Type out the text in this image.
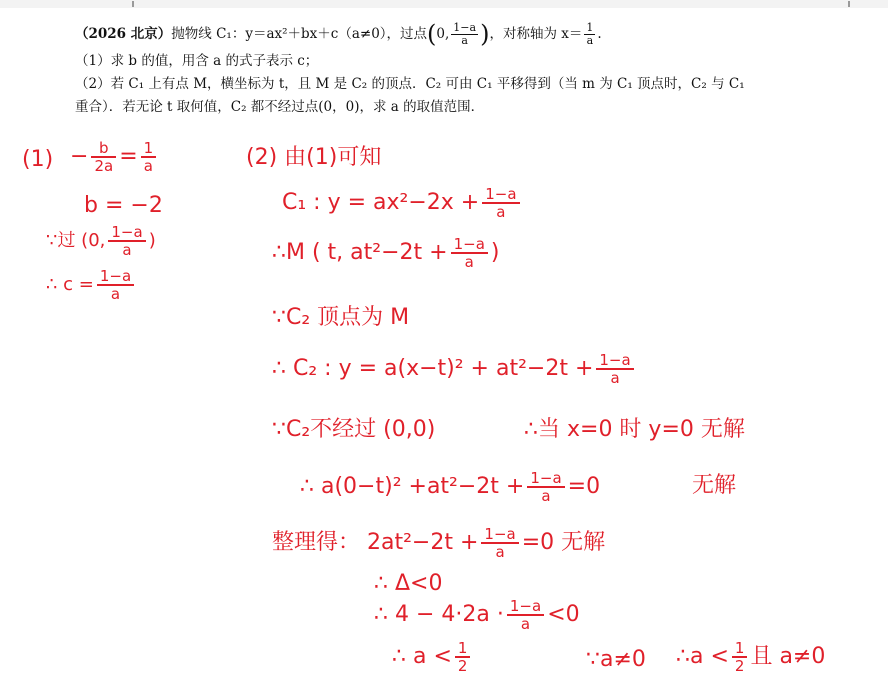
（2026 北京）抛物线 C₁：y＝ax²＋bx＋c（a≠0），过点(0, $\frac{1-a}{a}$ )，对称轴为 $x= \frac{1}{a}$ .
（1）求 b 的值，用含 a 的式子表示 c；
（2）若 C₁ 上有点 M，横坐标为 t，且 M 是 C₂ 的顶点．C₂ 可由 C₁ 平移得到（当 m 为 C₁ 顶点时，C₂ 与 C₁
重合）．若无论 t 取何值，C₂ 都不经过点(0，0)，求 a 的取值范围．
$(1) - \frac{b}{2a} = \frac{1}{a}$
b = −2
∵过 (0, $\frac{1-a}{a}$ )
∴ $c = \frac{1-a}{a}$
(2) 由(1)可知
C₁ : $y = ax^2-2x + \frac{1-a}{a}$
∴M ( t, $at^2-2t + \frac{1-a}{a}$ )
∵C₂ 顶点为 M
∴ C₂ : $y = a(x-t)^2 + at^2-2t + \frac{1-a}{a}$
∵C₂不经过 (0,0)	∴当 x=0 时 y=0 无解
∴ $a(0-t)^2 +at^2-2t + \frac{1-a}{a} =0$	无解
整理得： $2at^2-2t + \frac{1-a}{a} =0$ 无解
∴ Δ<0
∴ $4 - 4\cdot 2a \cdot \frac{1-a}{a} <0$
∴ $a < \frac{1}{2}$	∵a≠0 ∴a < $\frac{1}{2}$ 且 a≠0
